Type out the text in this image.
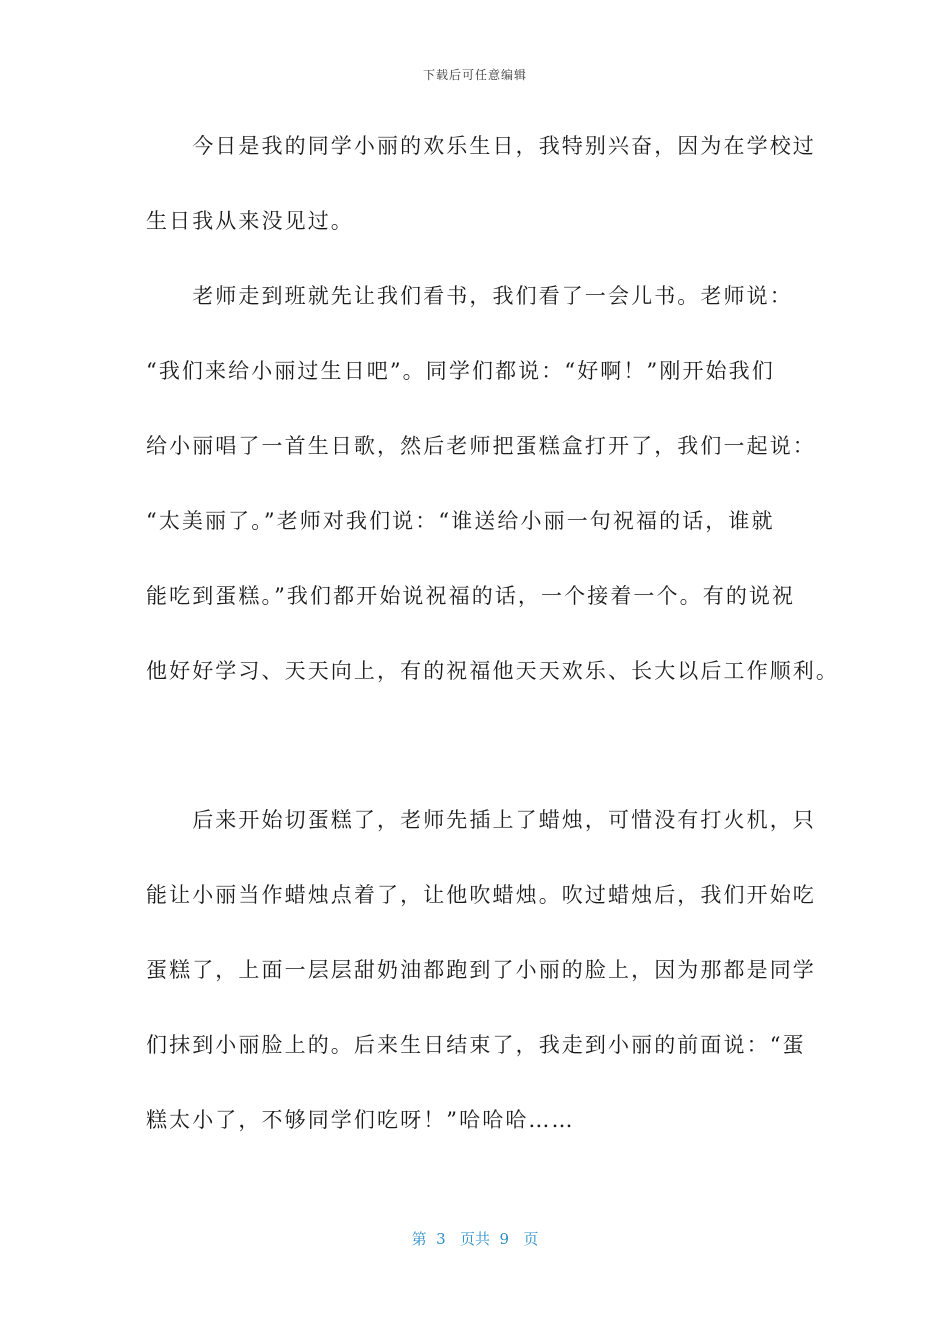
下载后可任意编辑
　　今日是我的同学小丽的欢乐生日，我特别兴奋，因为在学校过
生日我从来没见过。
　　老师走到班就先让我们看书，我们看了一会儿书。老师说：
“我们来给小丽过生日吧”。同学们都说：“好啊！”刚开始我们
给小丽唱了一首生日歌，然后老师把蛋糕盒打开了，我们一起说：
“太美丽了。”老师对我们说：“谁送给小丽一句祝福的话，谁就
能吃到蛋糕。”我们都开始说祝福的话，一个接着一个。有的说祝
他好好学习、天天向上，有的祝福他天天欢乐、长大以后工作顺利。
　　后来开始切蛋糕了，老师先插上了蜡烛，可惜没有打火机，只
能让小丽当作蜡烛点着了，让他吹蜡烛。吹过蜡烛后，我们开始吃
蛋糕了，上面一层层甜奶油都跑到了小丽的脸上，因为那都是同学
们抹到小丽脸上的。后来生日结束了，我走到小丽的前面说：“蛋
糕太小了，不够同学们吃呀！”哈哈哈……
第  3   页共  9   页
